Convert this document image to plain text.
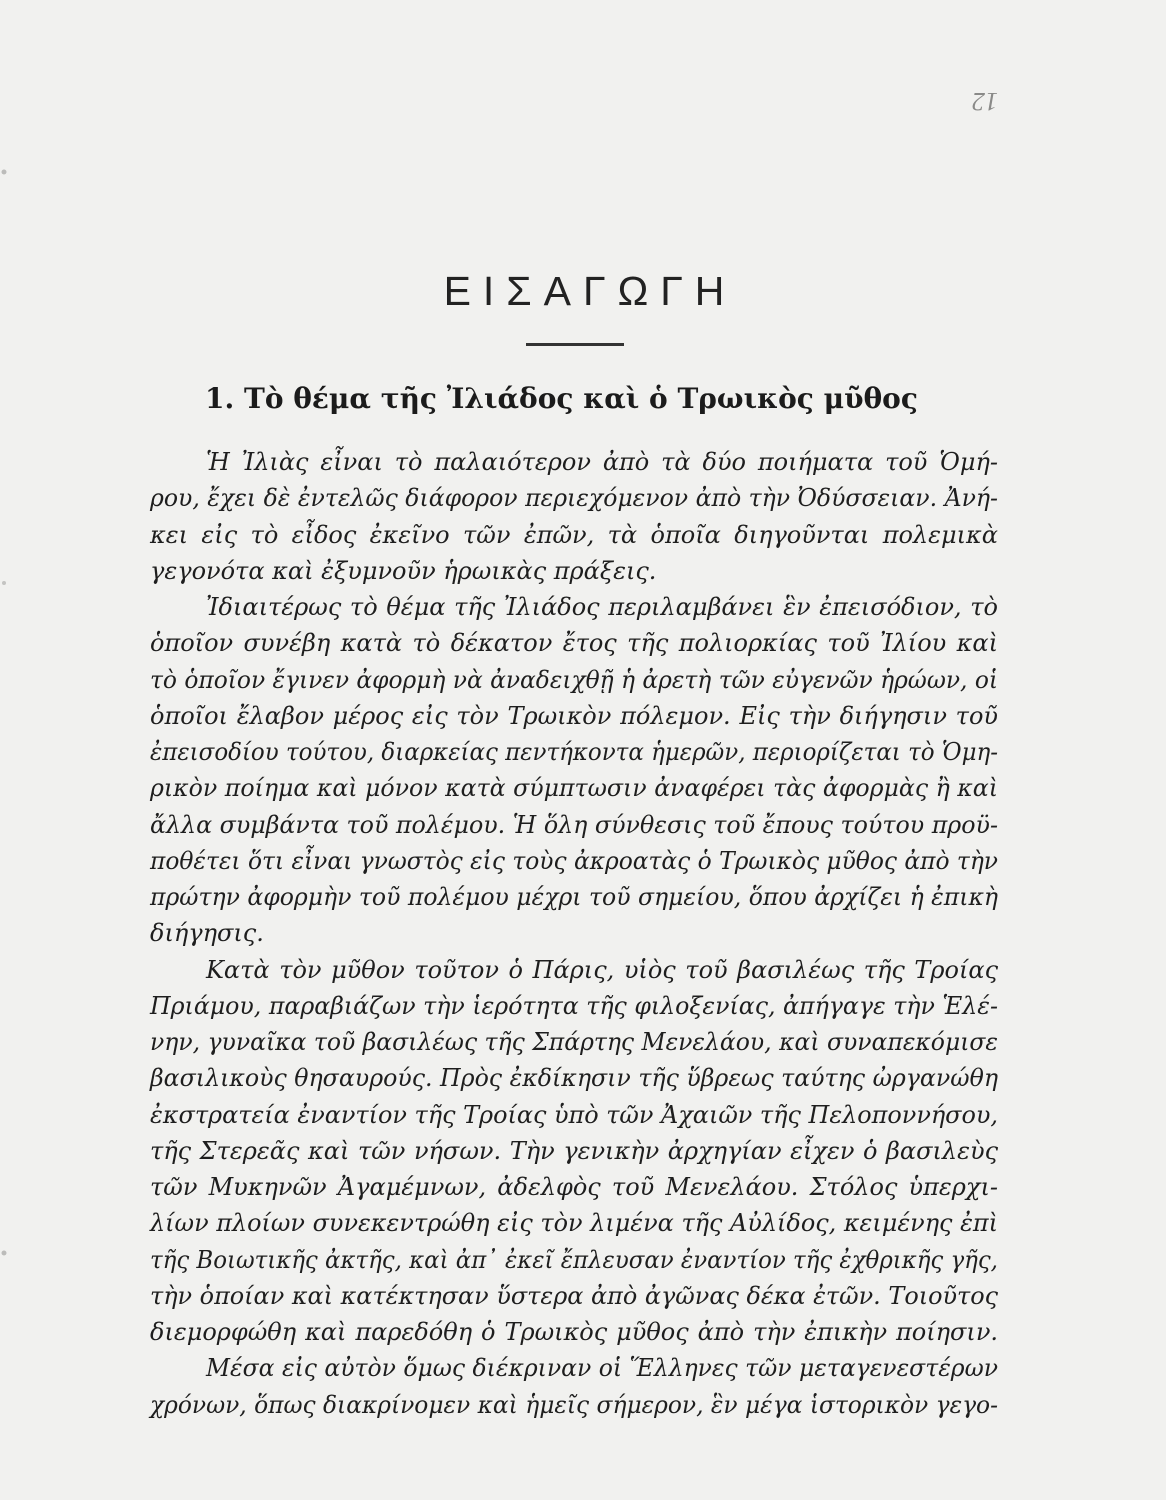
12
ΕΙΣΑΓΩΓΗ
1. Τὸ θέμα τῆς Ἰλιάδος καὶ ὁ Τρωικὸς μῦθος
Ἡ Ἰλιὰς εἶναι τὸ παλαιότερον ἀπὸ τὰ δύο ποιήματα τοῦ Ὁμή-
ρου, ἔχει δὲ ἐντελῶς διάφορον περιεχόμενον ἀπὸ τὴν Ὀδύσσειαν. Ἀνή-
κει εἰς τὸ εἶδος ἐκεῖνο τῶν ἐπῶν, τὰ ὁποῖα διηγοῦνται πολεμικὰ
γεγονότα καὶ ἐξυμνοῦν ἡρωικὰς πράξεις.
Ἰδιαιτέρως τὸ θέμα τῆς Ἰλιάδος περιλαμβάνει ἓν ἐπεισόδιον, τὸ
ὁποῖον συνέβη κατὰ τὸ δέκατον ἔτος τῆς πολιορκίας τοῦ Ἰλίου καὶ
τὸ ὁποῖον ἔγινεν ἀφορμὴ νὰ ἀναδειχθῇ ἡ ἀρετὴ τῶν εὐγενῶν ἡρώων, οἱ
ὁποῖοι ἔλαβον μέρος εἰς τὸν Τρωικὸν πόλεμον. Εἰς τὴν διήγησιν τοῦ
ἐπεισοδίου τούτου, διαρκείας πεντήκοντα ἡμερῶν, περιορίζεται τὸ Ὁμη-
ρικὸν ποίημα καὶ μόνον κατὰ σύμπτωσιν ἀναφέρει τὰς ἀφορμὰς ἢ καὶ
ἄλλα συμβάντα τοῦ πολέμου. Ἡ ὅλη σύνθεσις τοῦ ἔπους τούτου προϋ-
ποθέτει ὅτι εἶναι γνωστὸς εἰς τοὺς ἀκροατὰς ὁ Τρωικὸς μῦθος ἀπὸ τὴν
πρώτην ἀφορμὴν τοῦ πολέμου μέχρι τοῦ σημείου, ὅπου ἀρχίζει ἡ ἐπικὴ
διήγησις.
Κατὰ τὸν μῦθον τοῦτον ὁ Πάρις, υἱὸς τοῦ βασιλέως τῆς Τροίας
Πριάμου, παραβιάζων τὴν ἱερότητα τῆς φιλοξενίας, ἀπήγαγε τὴν Ἑλέ-
νην, γυναῖκα τοῦ βασιλέως τῆς Σπάρτης Μενελάου, καὶ συναπεκόμισε
βασιλικοὺς θησαυρούς. Πρὸς ἐκδίκησιν τῆς ὕβρεως ταύτης ὠργανώθη
ἐκστρατεία ἐναντίον τῆς Τροίας ὑπὸ τῶν Ἀχαιῶν τῆς Πελοποννήσου,
τῆς Στερεᾶς καὶ τῶν νήσων. Τὴν γενικὴν ἀρχηγίαν εἶχεν ὁ βασιλεὺς
τῶν Μυκηνῶν Ἀγαμέμνων, ἀδελφὸς τοῦ Μενελάου. Στόλος ὑπερχι-
λίων πλοίων συνεκεντρώθη εἰς τὸν λιμένα τῆς Αὐλίδος, κειμένης ἐπὶ
τῆς Βοιωτικῆς ἀκτῆς, καὶ ἀπ᾽ ἐκεῖ ἔπλευσαν ἐναντίον τῆς ἐχθρικῆς γῆς,
τὴν ὁποίαν καὶ κατέκτησαν ὕστερα ἀπὸ ἀγῶνας δέκα ἐτῶν. Τοιοῦτος
διεμορφώθη καὶ παρεδόθη ὁ Τρωικὸς μῦθος ἀπὸ τὴν ἐπικὴν ποίησιν.
Μέσα εἰς αὐτὸν ὅμως διέκριναν οἱ Ἕλληνες τῶν μεταγενεστέρων
χρόνων, ὅπως διακρίνομεν καὶ ἡμεῖς σήμερον, ἓν μέγα ἱστορικὸν γεγο-
